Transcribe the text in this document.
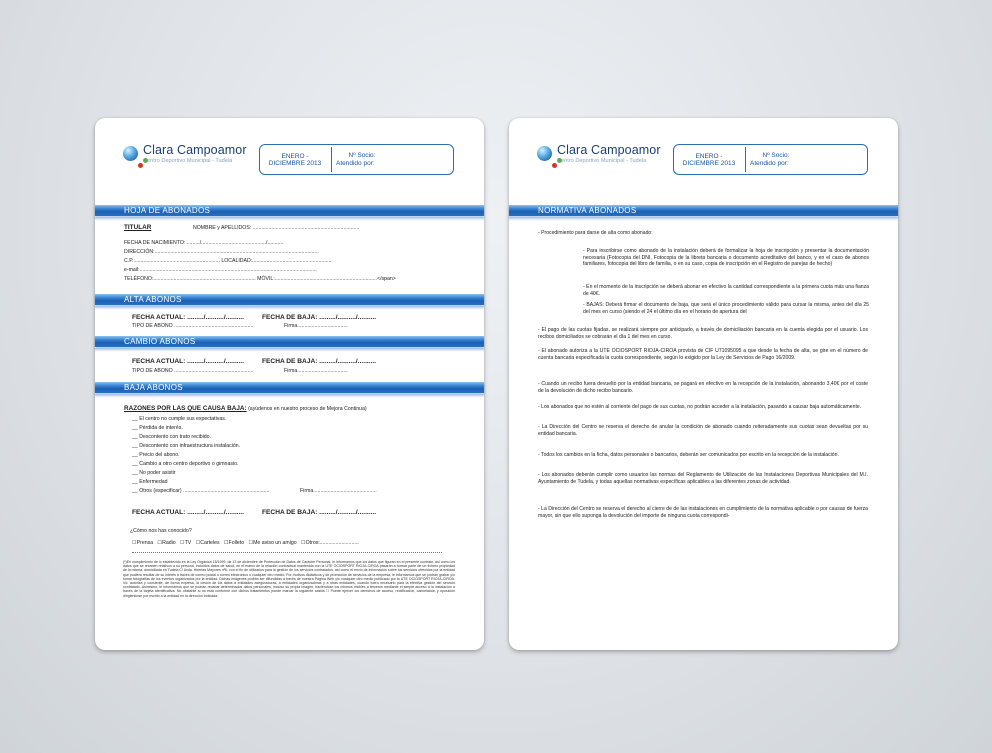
Clara Campoamor
Centro Deportivo Municipal - Tudela
ENERO -
DICIEMBRE 2013
Nº Socio:
Atendido por:
HOJA DE ABONADOS
TITULAR	NOMBRE y APELLIDOS: ..........................................................................
FECHA DE NACIMIENTO: ........./............................................./...........
DIRECCIÓN:..................................................................................................................
C.P.:........................................................... LOCALIDAD:.......................................................
e-mail:...........................................................................................................................
TELÉFONO:....................................................................... MÓVIL:.......................................................................</span>
ALTA ABONOS
FECHA ACTUAL: ........./........../..........	FECHA DE BAJA: ........./........../..........
TIPO DE ABONO .......................................................	Firma...................................
CAMBIO ABONOS
FECHA ACTUAL: ........./........../..........	FECHA DE BAJA: ........./........../..........
TIPO DE ABONO .......................................................	Firma...................................
BAJA ABONOS
RAZONES POR LAS QUE CAUSA BAJA: (ayúdenos en nuestro proceso de Mejora Continua)
__ El centro no cumple sus expectativas.
__ Pérdida de interés.
__ Descontento con trato recibido.
__ Descontento con infraestructura instalación.
__ Precio del abono.
__ Cambio a otro centro deportivo o gimnasio.
__ No poder asistir
__ Enfermedad
__ Otros (especificar) ............................................................	Firma............................................
FECHA ACTUAL: ........./........../..........	FECHA DE BAJA: ........./........../..........
¿Cómo nos has conocido?
☐Prensa ☐Radio ☐TV ☐Carteles ☐Folleto ☐Me aviso un amigo ☐Otros:...........................
(*)En cumplimiento de lo establecido en la Ley Orgánica 15/1999, de 13 de diciembre de Protección de Datos de Carácter Personal, le informamos que los datos que figuran en el presente contrato, así como los datos que se recaben relativos a su persona, incluidos datos de salud, en el marco de la relación contractual mantenida con la UTE OCIOSPORT RIOJA-CIROA pasarán a formar parte de un fichero propiedad de la misma, domiciliada en Tudela C/ Avda. Huertas Mayores nº6, con el fin de utilizarlos para la gestión de los servicios contratados, así como el envío de información sobre los servicios ofrecidos por la entidad que pudiera resultar de su interés a través de correo postal o correo electrónico o cualquier otro medio. Por motivos didácticos y de promoción de servicios de la empresa, le informamos que se podrán grabar y/o tomar fotografías de los eventos organizados por la entidad. Dichas imágenes podrán ser difundidas a través de nuestra Página Web y/o cualquier otro medio publicado por la UTE OCIOSPORT RIOJA-CIROA. Vd. autoriza y consiente, de forma expresa, la cesión de los datos a entidades aseguradoras, a entidades organizadoras y a otras entidades, cuando fuera necesario para la efectiva gestión del servicio contratado. Asimismo, le informamos que se podrán recabar determinados datos personales, incluso su propia imagen, haciéndose los mismos visibles a terceros mediante el simple acceso a la instalación a través de la tarjeta identificativa. No obstante si no está conforme con dichos tratamientos puede marcar la siguiente casilla ☐ Puede ejercer los derechos de acceso, rectificación, cancelación y oposición dirigiéndose por escrito a la entidad en la dirección indicada.
Clara Campoamor
Centro Deportivo Municipal - Tudela
ENERO -
DICIEMBRE 2013
Nº Socio:
Atendido por:
NORMATIVA ABONADOS
- Procedimiento para darse de alta como abonado:
- Para inscribirse como abonado de la instalación deberá de formalizar la hoja de inscripción y presentar la documentación necesaria (Fotocopia del DNI, Fotocopia de la libreta bancaria o documento acreditativo del banco, y en el caso de abonos familiares, fotocopia del libro de familia, o en su caso, copia de inscripción en el Registro de parejas de hecho)
- En el momento de la inscripción se deberá abonar en efectivo la cantidad correspondiente a la primera cuota más una fianza de 40€.
- BAJAS: Deberá firmar el documento de baja, que será el único procedimiento válido para cursar la misma, antes del día 25 del mes en curso (siendo el 24 el último día en el horario de apertura del
- El pago de las cuotas fijadas, se realizará siempre por anticipado, a través de domiciliación bancaria en la cuenta elegida por el usuario. Los recibos domiciliados se cobrarán el día 1 del mes en curso.
- El abonado autoriza a la UTE OCIOSPORT RIOJA-CIROA provista de CIF U71095095 a que desde la fecha de alta, se gire en el número de cuenta bancaria especificada la cuota correspondiente, según lo exigido por la Ley de Servicios de Pago 16/2009.
- Cuando un recibo fuera devuelto por la entidad bancaria, se pagará en efectivo en la recepción de la instalación, abonando 3,40€ por el coste de la devolución de dicho recibo bancario.
- Los abonados que no estén al corriente del pago de sus cuotas, no podrán acceder a la instalación, pasando a causar baja automáticamente.
- La Dirección del Centro se reserva el derecho de anular la condición de abonado cuando reiteradamente sus cuotas sean devueltas por su entidad bancaria.
- Todos los cambios en la ficha, datos personales o bancarios, deberán ser comunicados por escrito en la recepción de la instalación.
- Los abonados deberán cumplir como usuarios las normas del Reglamento de Utilización de las Instalaciones Deportivas Municipales del M.I. Ayuntamiento de Tudela, y todas aquellas normativas específicas aplicables a las diferentes zonas de actividad.
- La Dirección del Centro se reserva el derecho al cierre de de las instalaciones en cumplimiento de la normativa aplicable o por causas de fuerza mayor, sin que ello suponga la devolución del importe de ninguna cuota correspondi-
